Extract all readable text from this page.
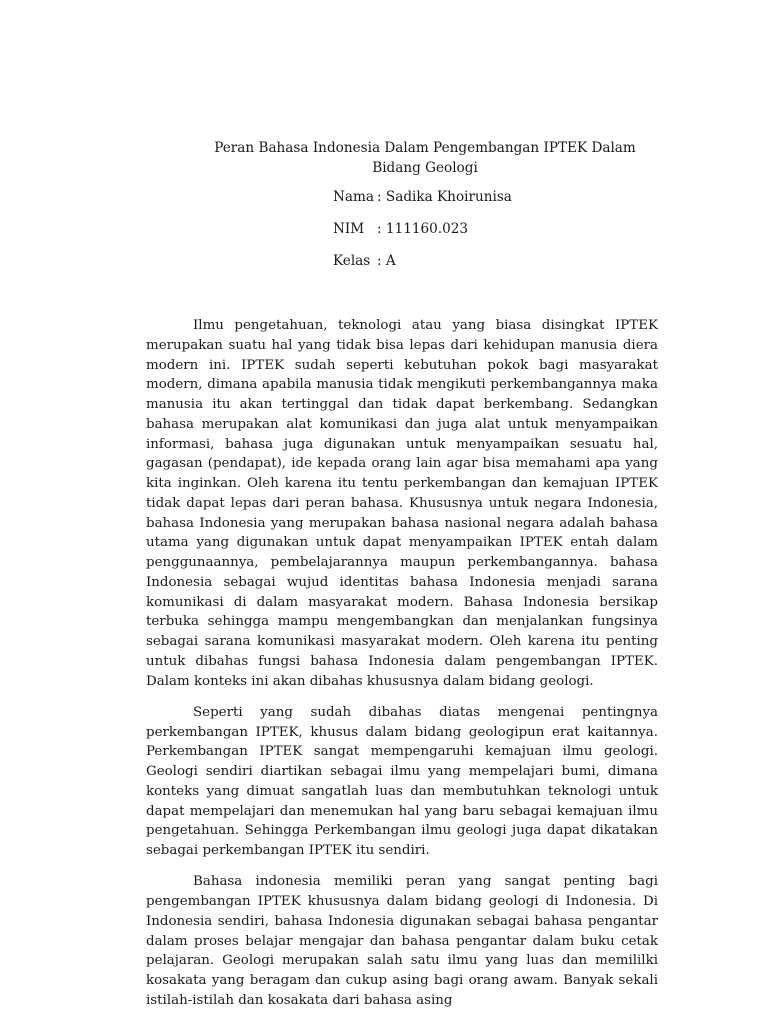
Peran Bahasa Indonesia Dalam Pengembangan IPTEK Dalam Bidang Geologi
Nama : Sadika Khoirunisa
NIM : 111160.023
Kelas : A

Ilmu pengetahuan, teknologi atau yang biasa disingkat IPTEK merupakan suatu hal yang tidak bisa lepas dari kehidupan manusia diera modern ini. IPTEK sudah seperti kebutuhan pokok bagi masyarakat modern, dimana apabila manusia tidak mengikuti perkembangannya maka manusia itu akan tertinggal dan tidak dapat berkembang. Sedangkan bahasa merupakan alat komunikasi dan juga alat untuk menyampaikan informasi, bahasa juga digunakan untuk menyampaikan sesuatu hal, gagasan (pendapat), ide kepada orang lain agar bisa memahami apa yang kita inginkan. Oleh karena itu tentu perkembangan dan kemajuan IPTEK tidak dapat lepas dari peran bahasa. Khususnya untuk negara Indonesia, bahasa Indonesia yang merupakan bahasa nasional negara adalah bahasa utama yang digunakan untuk dapat menyampaikan IPTEK entah dalam penggunaannya, pembelajarannya maupun perkembangannya. bahasa Indonesia sebagai wujud identitas bahasa Indonesia menjadi sarana komunikasi di dalam masyarakat modern. Bahasa Indonesia bersikap terbuka sehingga mampu mengembangkan dan menjalankan fungsinya sebagai sarana komunikasi masyarakat modern. Oleh karena itu penting untuk dibahas fungsi bahasa Indonesia dalam pengembangan IPTEK. Dalam konteks ini akan dibahas khususnya dalam bidang geologi.

Seperti yang sudah dibahas diatas mengenai pentingnya perkembangan IPTEK, khusus dalam bidang geologipun erat kaitannya. Perkembangan IPTEK sangat mempengaruhi kemajuan ilmu geologi. Geologi sendiri diartikan sebagai ilmu yang mempelajari bumi, dimana konteks yang dimuat sangatlah luas dan membutuhkan teknologi untuk dapat mempelajari dan menemukan hal yang baru sebagai kemajuan ilmu pengetahuan. Sehingga Perkembangan ilmu geologi juga dapat dikatakan sebagai perkembangan IPTEK itu sendiri.

Bahasa indonesia memiliki peran yang sangat penting bagi pengembangan IPTEK khususnya dalam bidang geologi di Indonesia. Di Indonesia sendiri, bahasa Indonesia digunakan sebagai bahasa pengantar dalam proses belajar mengajar dan bahasa pengantar dalam buku cetak pelajaran. Geologi merupakan salah satu ilmu yang luas dan memililki kosakata yang beragam dan cukup asing bagi orang awam. Banyak sekali istilah-istilah dan kosakata dari bahasa asing
